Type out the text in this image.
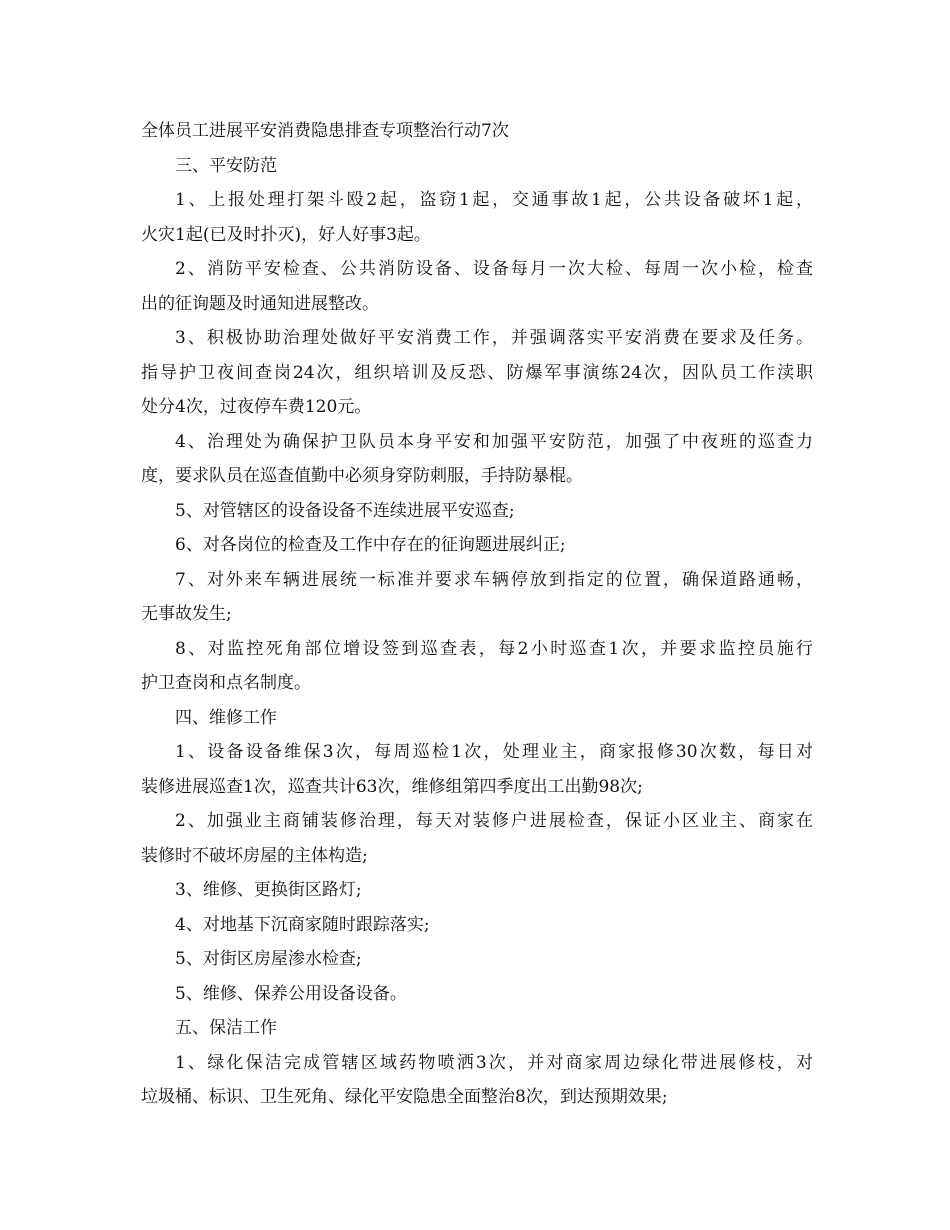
全体员工进展平安消费隐患排查专项整治行动7次
三、平安防范
1、上报处理打架斗殴2起，盗窃1起，交通事故1起，公共设备破坏1起，
火灾1起(已及时扑灭)，好人好事3起。
2、消防平安检查、公共消防设备、设备每月一次大检、每周一次小检，检查
出的征询题及时通知进展整改。
3、积极协助治理处做好平安消费工作，并强调落实平安消费在要求及任务。
指导护卫夜间查岗24次，组织培训及反恐、防爆军事演练24次，因队员工作渎职
处分4次，过夜停车费120元。
4、治理处为确保护卫队员本身平安和加强平安防范，加强了中夜班的巡查力
度，要求队员在巡查值勤中必须身穿防刺服，手持防暴棍。
5、对管辖区的设备设备不连续进展平安巡查;
6、对各岗位的检查及工作中存在的征询题进展纠正;
7、对外来车辆进展统一标准并要求车辆停放到指定的位置，确保道路通畅，
无事故发生;
8、对监控死角部位增设签到巡查表，每2小时巡查1次，并要求监控员施行
护卫查岗和点名制度。
四、维修工作
1、设备设备维保3次，每周巡检1次，处理业主，商家报修30次数，每日对
装修进展巡查1次，巡查共计63次，维修组第四季度出工出勤98次;
2、加强业主商铺装修治理，每天对装修户进展检查，保证小区业主、商家在
装修时不破坏房屋的主体构造;
3、维修、更换街区路灯;
4、对地基下沉商家随时跟踪落实;
5、对街区房屋渗水检查;
5、维修、保养公用设备设备。
五、保洁工作
1、绿化保洁完成管辖区域药物喷洒3次，并对商家周边绿化带进展修枝，对
垃圾桶、标识、卫生死角、绿化平安隐患全面整治8次，到达预期效果;
